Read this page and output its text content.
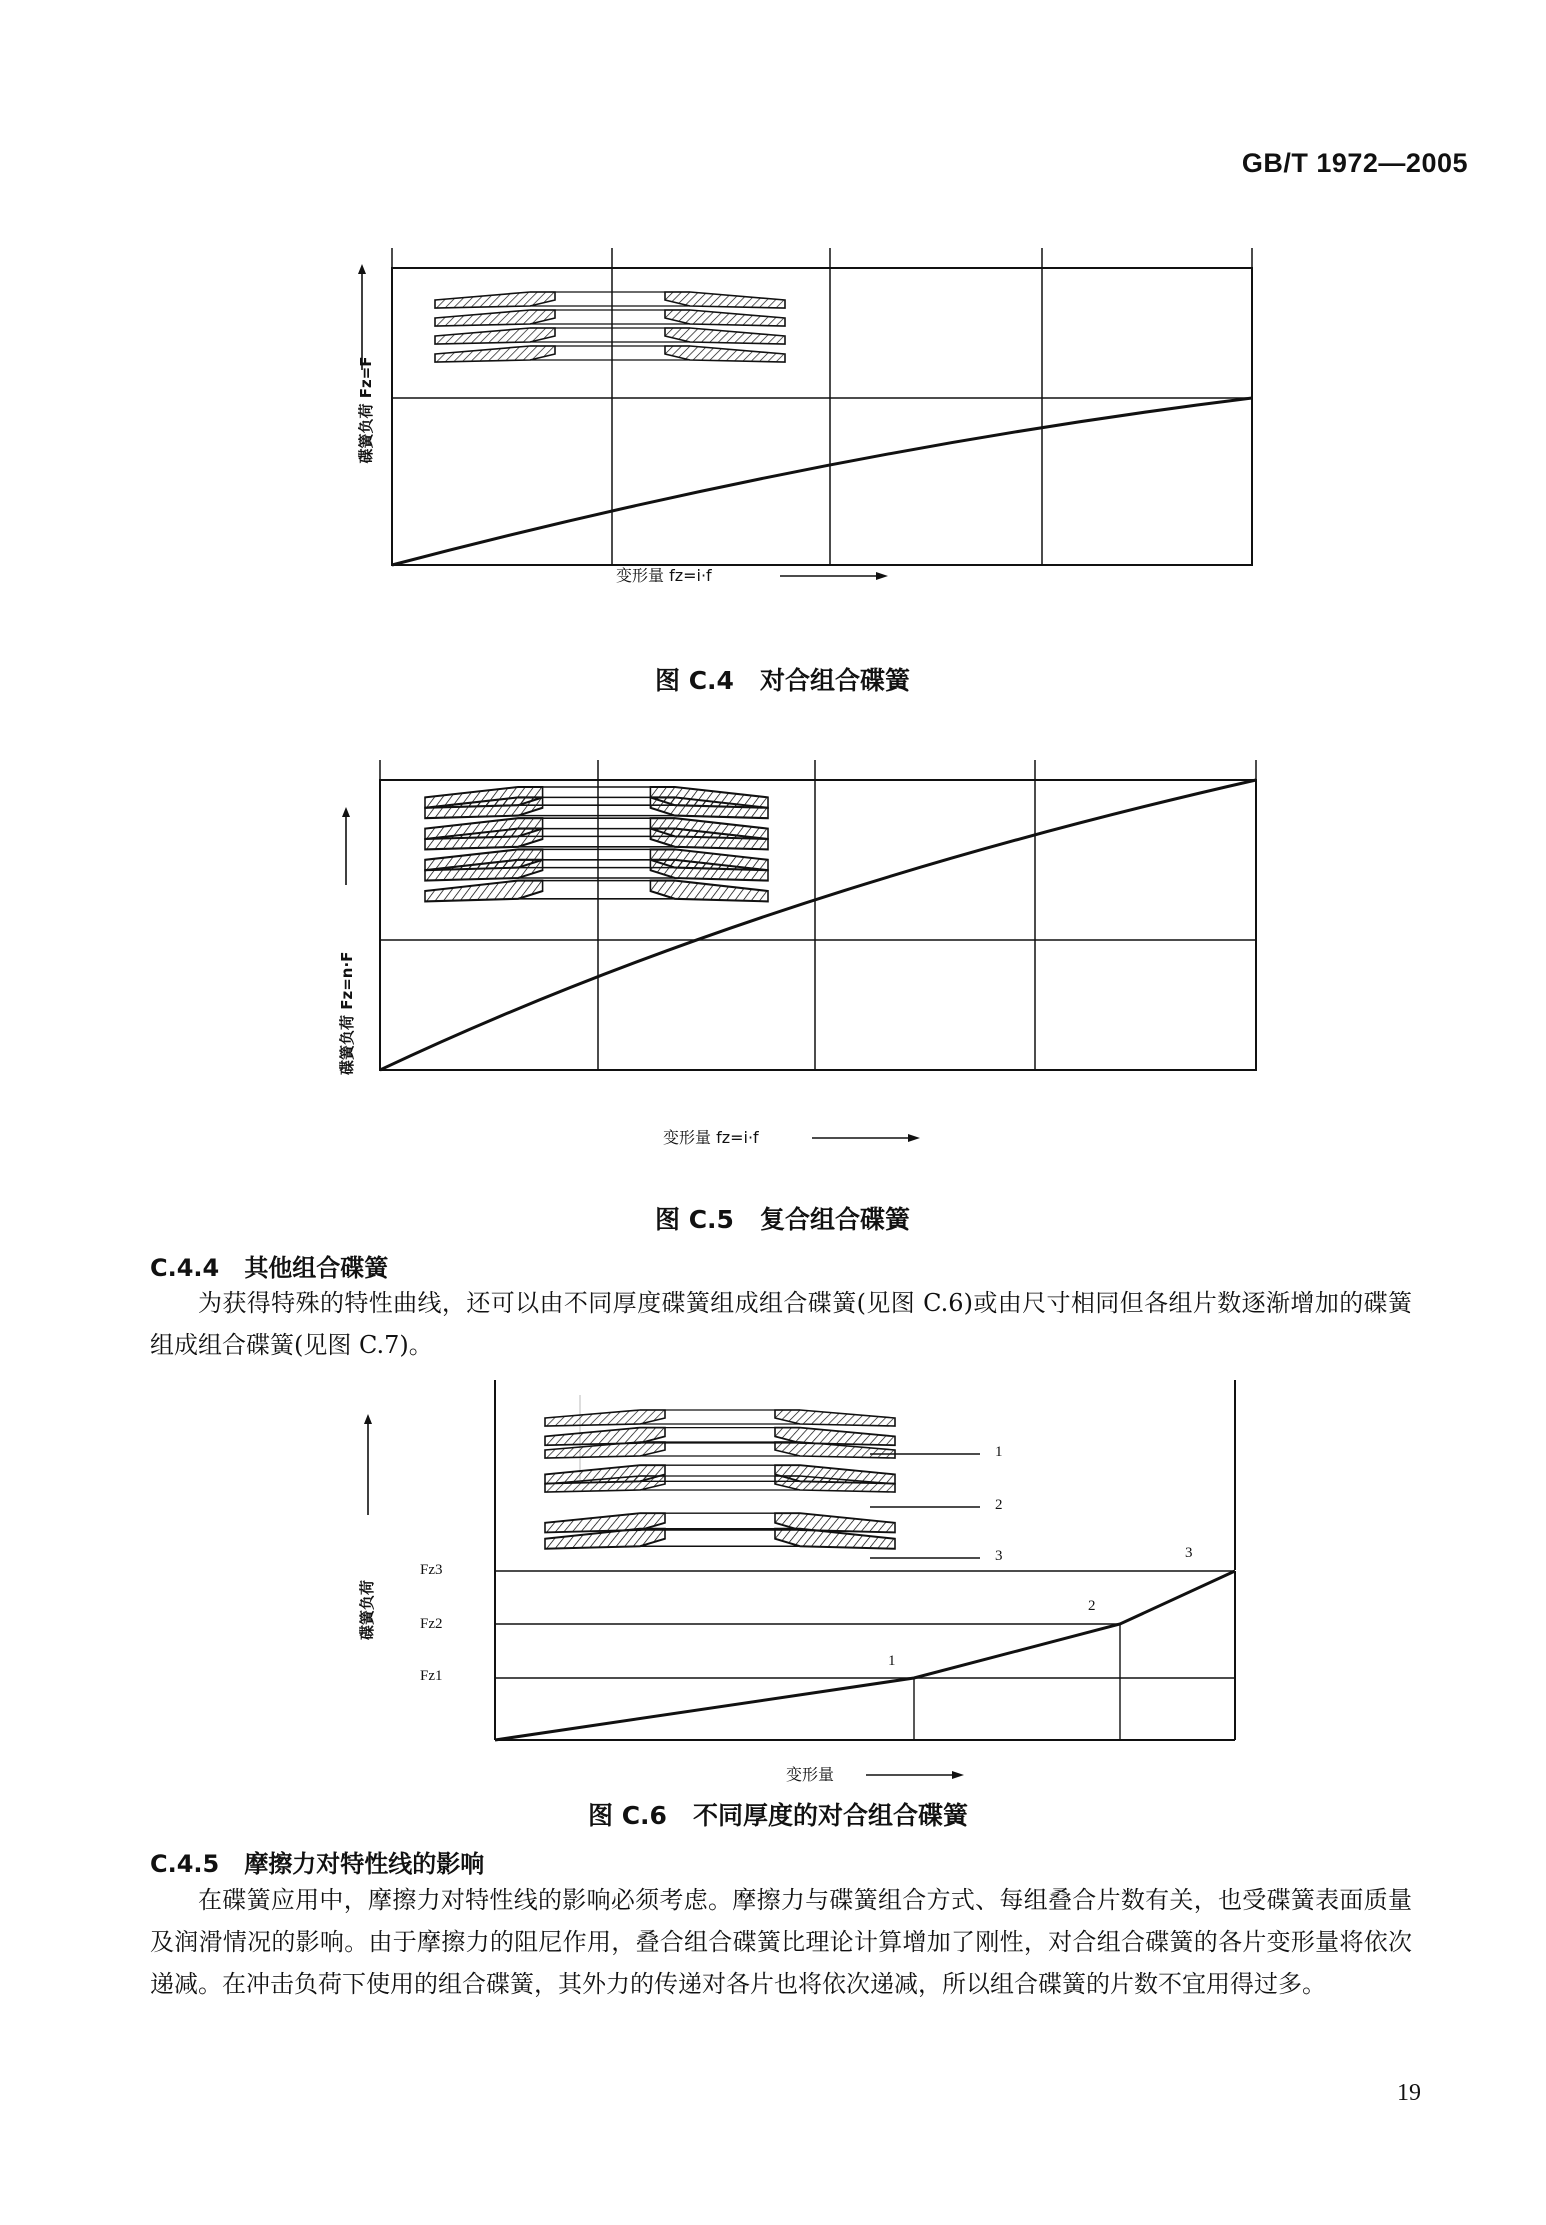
GB/T 1972—2005
碟簧负荷 Fz=F
变形量 fz=i·f
图 C.4   对合组合碟簧
碟簧负荷 Fz=n·F
变形量 fz=i·f
图 C.5   复合组合碟簧
C.4.4   其他组合碟簧
为获得特殊的特性曲线，还可以由不同厚度碟簧组成组合碟簧(见图 C.6)或由尺寸相同但各组片数逐渐增加的碟簧组成组合碟簧(见图 C.7)。
碟簧负荷
Fz3
Fz2
Fz1
1
2
3
1
2
3
变形量
图 C.6   不同厚度的对合组合碟簧
C.4.5   摩擦力对特性线的影响
在碟簧应用中，摩擦力对特性线的影响必须考虑。摩擦力与碟簧组合方式、每组叠合片数有关，也受碟簧表面质量及润滑情况的影响。由于摩擦力的阻尼作用，叠合组合碟簧比理论计算增加了刚性，对合组合碟簧的各片变形量将依次递减。在冲击负荷下使用的组合碟簧，其外力的传递对各片也将依次递减，所以组合碟簧的片数不宜用得过多。
19
